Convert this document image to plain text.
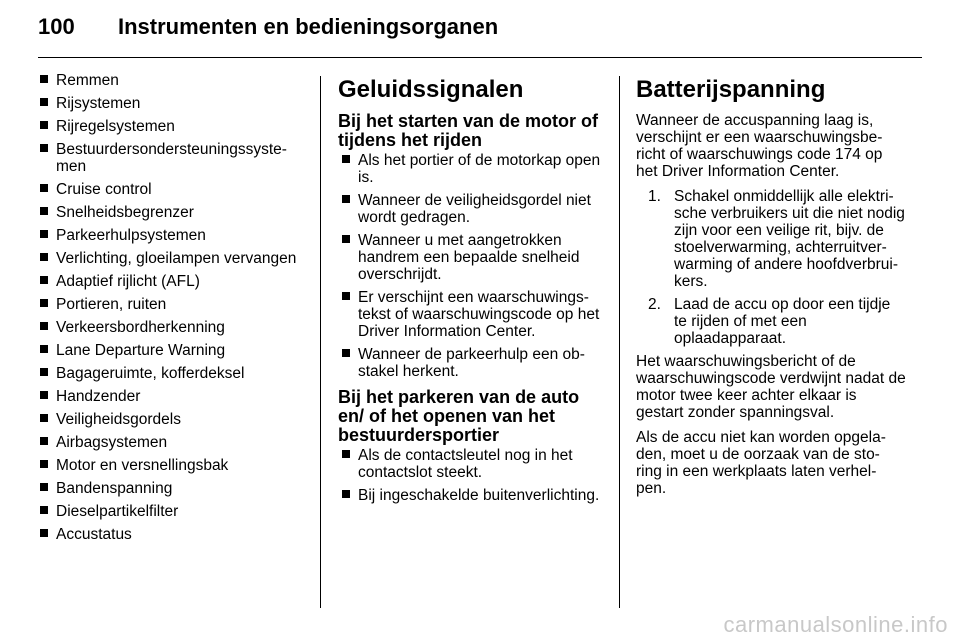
100	Instrumenten en bedieningsorganen
Remmen
Rijsystemen
Rijregelsystemen
Bestuurdersondersteuningssyste‐ men
Cruise control
Snelheidsbegrenzer
Parkeerhulpsystemen
Verlichting, gloeilampen vervangen
Adaptief rijlicht (AFL)
Portieren, ruiten
Verkeersbordherkenning
Lane Departure Warning
Bagageruimte, kofferdeksel
Handzender
Veiligheidsgordels
Airbagsystemen
Motor en versnellingsbak
Bandenspanning
Dieselpartikelfilter
Accustatus
Geluidssignalen
Bij het starten van de motor of tijdens het rijden
Als het portier of de motorkap open is.
Wanneer de veiligheidsgordel niet wordt gedragen.
Wanneer u met aangetrokken handrem een bepaalde snelheid overschrijdt.
Er verschijnt een waarschuwings‐ tekst of waarschuwingscode op het Driver Information Center.
Wanneer de parkeerhulp een ob‐ stakel herkent.
Bij het parkeren van de auto en/ of het openen van het bestuurdersportier
Als de contactsleutel nog in het contactslot steekt.
Bij ingeschakelde buitenverlichting.
Batterijspanning

Wanneer de accuspanning laag is, verschijnt er een waarschuwingsbe‐ richt of waarschuwings code 174 op het Driver Information Center.

1. Schakel onmiddellijk alle elektri‐ sche verbruikers uit die niet nodig zijn voor een veilige rit, bijv. de stoelverwarming, achterruitver‐ warming of andere hoofdverbrui‐ kers.
2. Laad de accu op door een tijdje te rijden of met een oplaadapparaat.

Het waarschuwingsbericht of de waarschuwingscode verdwijnt nadat de motor twee keer achter elkaar is gestart zonder spanningsval.

Als de accu niet kan worden opgela‐ den, moet u de oorzaak van de sto‐ ring in een werkplaats laten verhel‐ pen.

carmanualsonline.info
